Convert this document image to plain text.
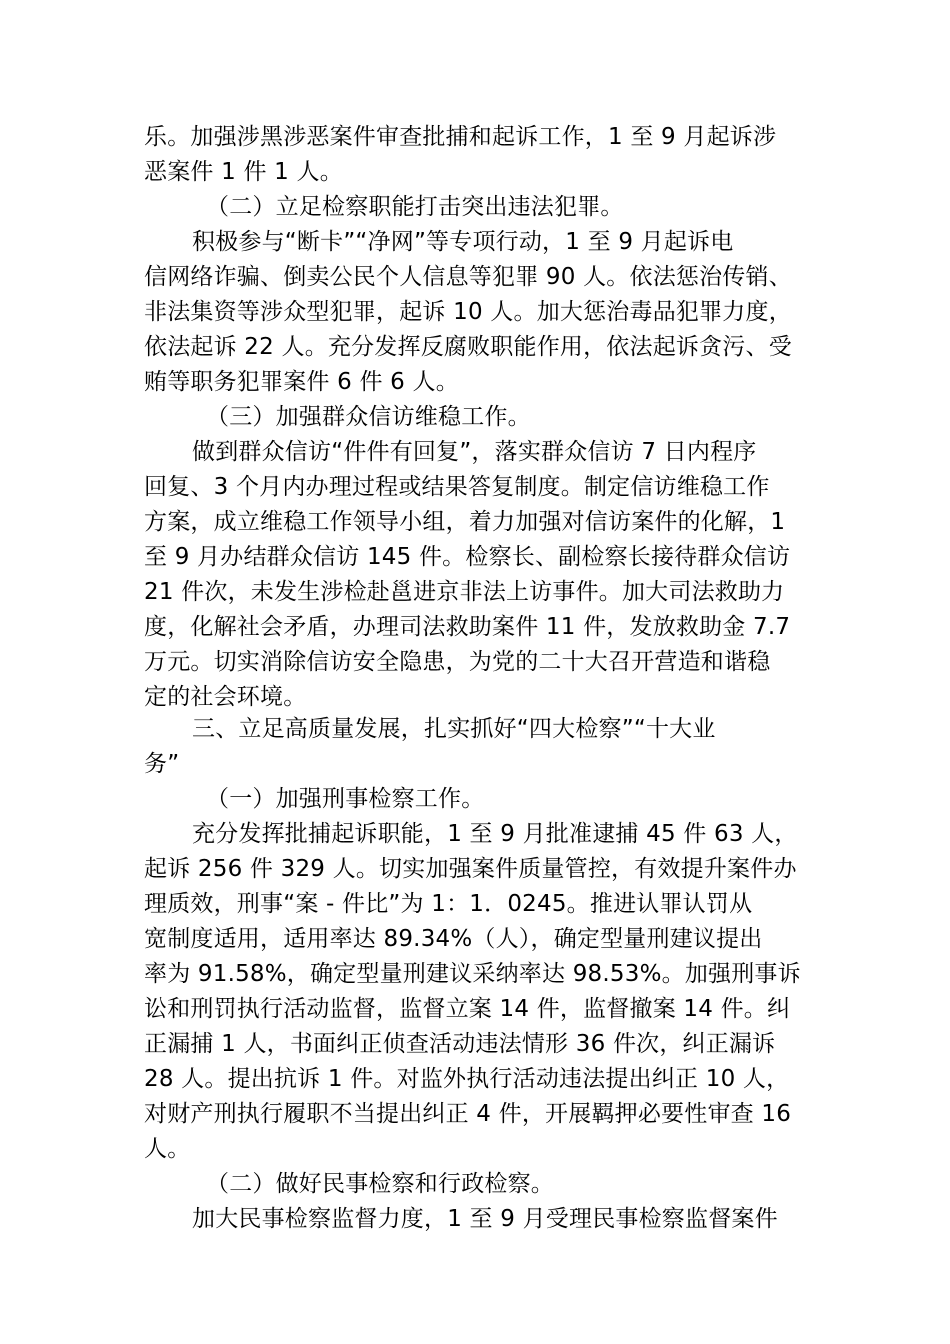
乐。加强涉黑涉恶案件审查批捕和起诉工作，1 至 9 月起诉涉
恶案件 1 件 1 人。
（二）立足检察职能打击突出违法犯罪。
积极参与“断卡”“净网”等专项行动，1 至 9 月起诉电
信网络诈骗、倒卖公民个人信息等犯罪 90 人。依法惩治传销、
非法集资等涉众型犯罪，起诉 10 人。加大惩治毒品犯罪力度，
依法起诉 22 人。充分发挥反腐败职能作用，依法起诉贪污、受
贿等职务犯罪案件 6 件 6 人。
（三）加强群众信访维稳工作。
做到群众信访“件件有回复”，落实群众信访 7 日内程序
回复、3 个月内办理过程或结果答复制度。制定信访维稳工作
方案，成立维稳工作领导小组，着力加强对信访案件的化解，1
至 9 月办结群众信访 145 件。检察长、副检察长接待群众信访
21 件次，未发生涉检赴邕进京非法上访事件。加大司法救助力
度，化解社会矛盾，办理司法救助案件 11 件，发放救助金 7.7
万元。切实消除信访安全隐患，为党的二十大召开营造和谐稳
定的社会环境。
三、立足高质量发展，扎实抓好“四大检察”“十大业
务”
（一）加强刑事检察工作。
充分发挥批捕起诉职能，1 至 9 月批准逮捕 45 件 63 人，
起诉 256 件 329 人。切实加强案件质量管控，有效提升案件办
理质效，刑事“案 - 件比”为 1：1．0245。推进认罪认罚从
宽制度适用，适用率达 89.34%（人），确定型量刑建议提出
率为 91.58%，确定型量刑建议采纳率达 98.53%。加强刑事诉
讼和刑罚执行活动监督，监督立案 14 件，监督撤案 14 件。纠
正漏捕 1 人，书面纠正侦查活动违法情形 36 件次，纠正漏诉
28 人。提出抗诉 1 件。对监外执行活动违法提出纠正 10 人，
对财产刑执行履职不当提出纠正 4 件，开展羁押必要性审查 16
人。
（二）做好民事检察和行政检察。
加大民事检察监督力度，1 至 9 月受理民事检察监督案件
